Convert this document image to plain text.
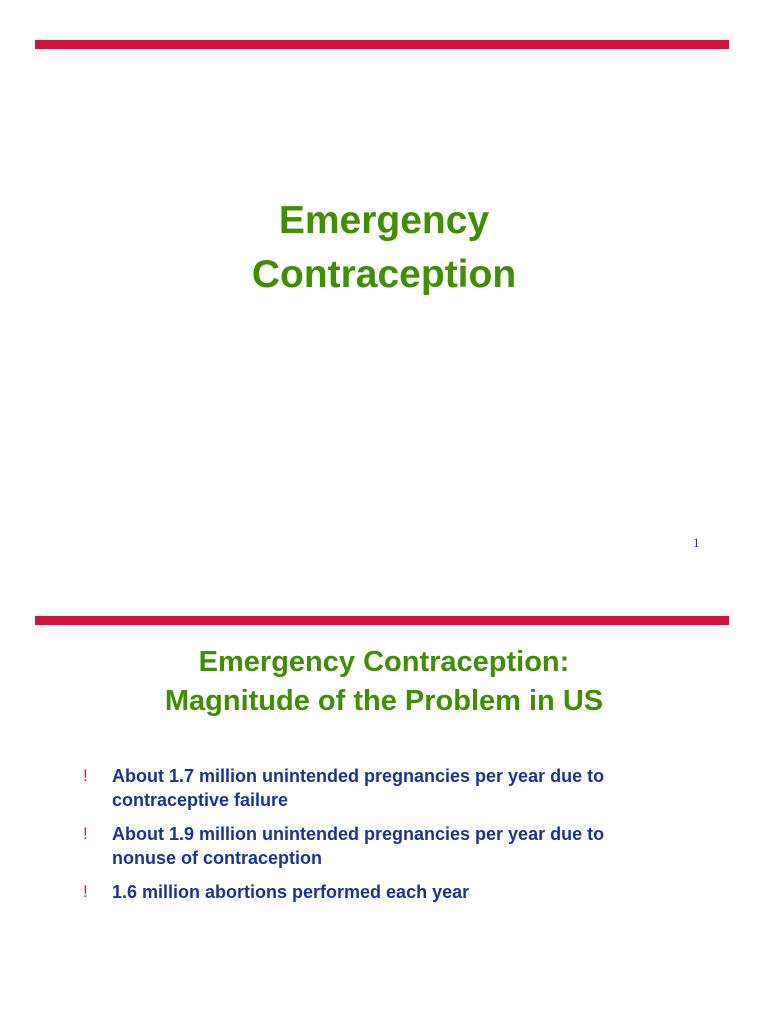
Emergency
Contraception
1
Emergency Contraception:
Magnitude of the Problem in US
! About 1.7 million unintended pregnancies per year due to contraceptive failure
! About 1.9 million unintended pregnancies per year due to nonuse of contraception
! 1.6 million abortions performed each year
